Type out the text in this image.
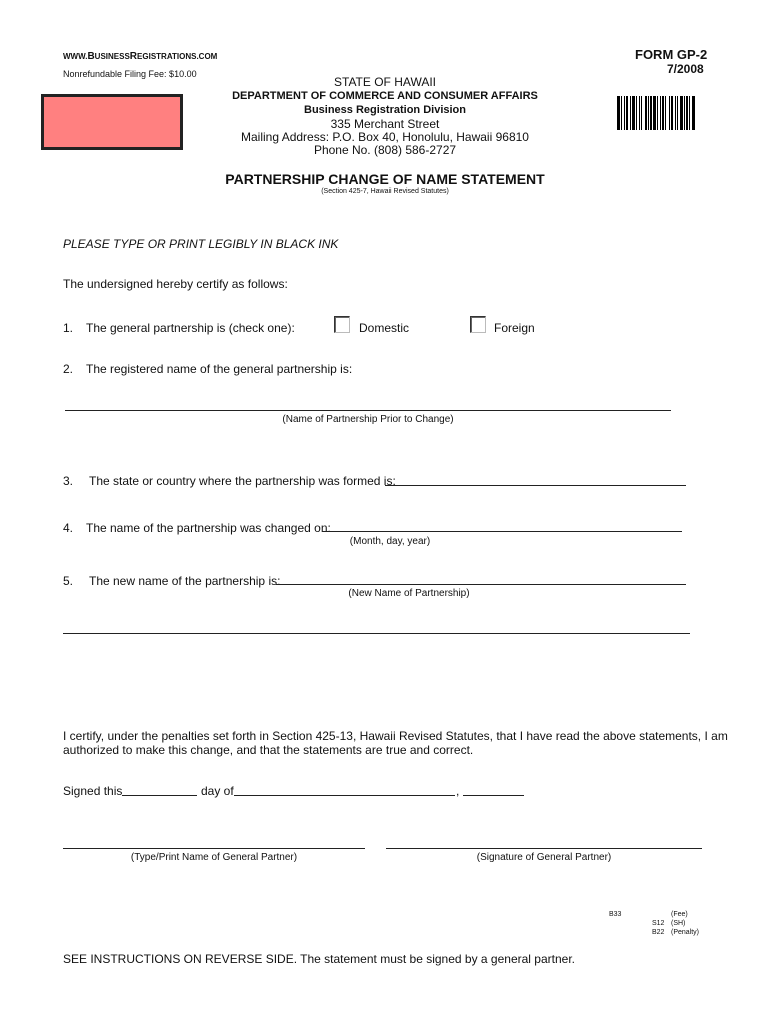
WWW.BUSINESSREGISTRATIONS.COM
Nonrefundable Filing Fee: $10.00
FORM GP-2
7/2008
STATE OF HAWAII
DEPARTMENT OF COMMERCE AND CONSUMER AFFAIRS
Business Registration Division
335 Merchant Street
Mailing Address: P.O. Box 40, Honolulu, Hawaii 96810
Phone No. (808) 586-2727
PARTNERSHIP CHANGE OF NAME STATEMENT
(Section 425-7, Hawaii Revised Statutes)
PLEASE TYPE OR PRINT LEGIBLY IN BLACK INK
The undersigned hereby certify as follows:
1. The general partnership is (check one):	Domestic	Foreign
2. The registered name of the general partnership is:
(Name of Partnership Prior to Change)
3. The state or country where the partnership was formed is:
4. The name of the partnership was changed on:
(Month, day, year)
5. The new name of the partnership is:
(New Name of Partnership)
I certify, under the penalties set forth in Section 425-13, Hawaii Revised Statutes, that I have read the above statements, I am
authorized to make this change, and that the statements are true and correct.
Signed this	day of	,
(Type/Print Name of General Partner)	(Signature of General Partner)
B33	(Fee)
S12 (SH)
B22 (Penalty)
SEE INSTRUCTIONS ON REVERSE SIDE. The statement must be signed by a general partner.
